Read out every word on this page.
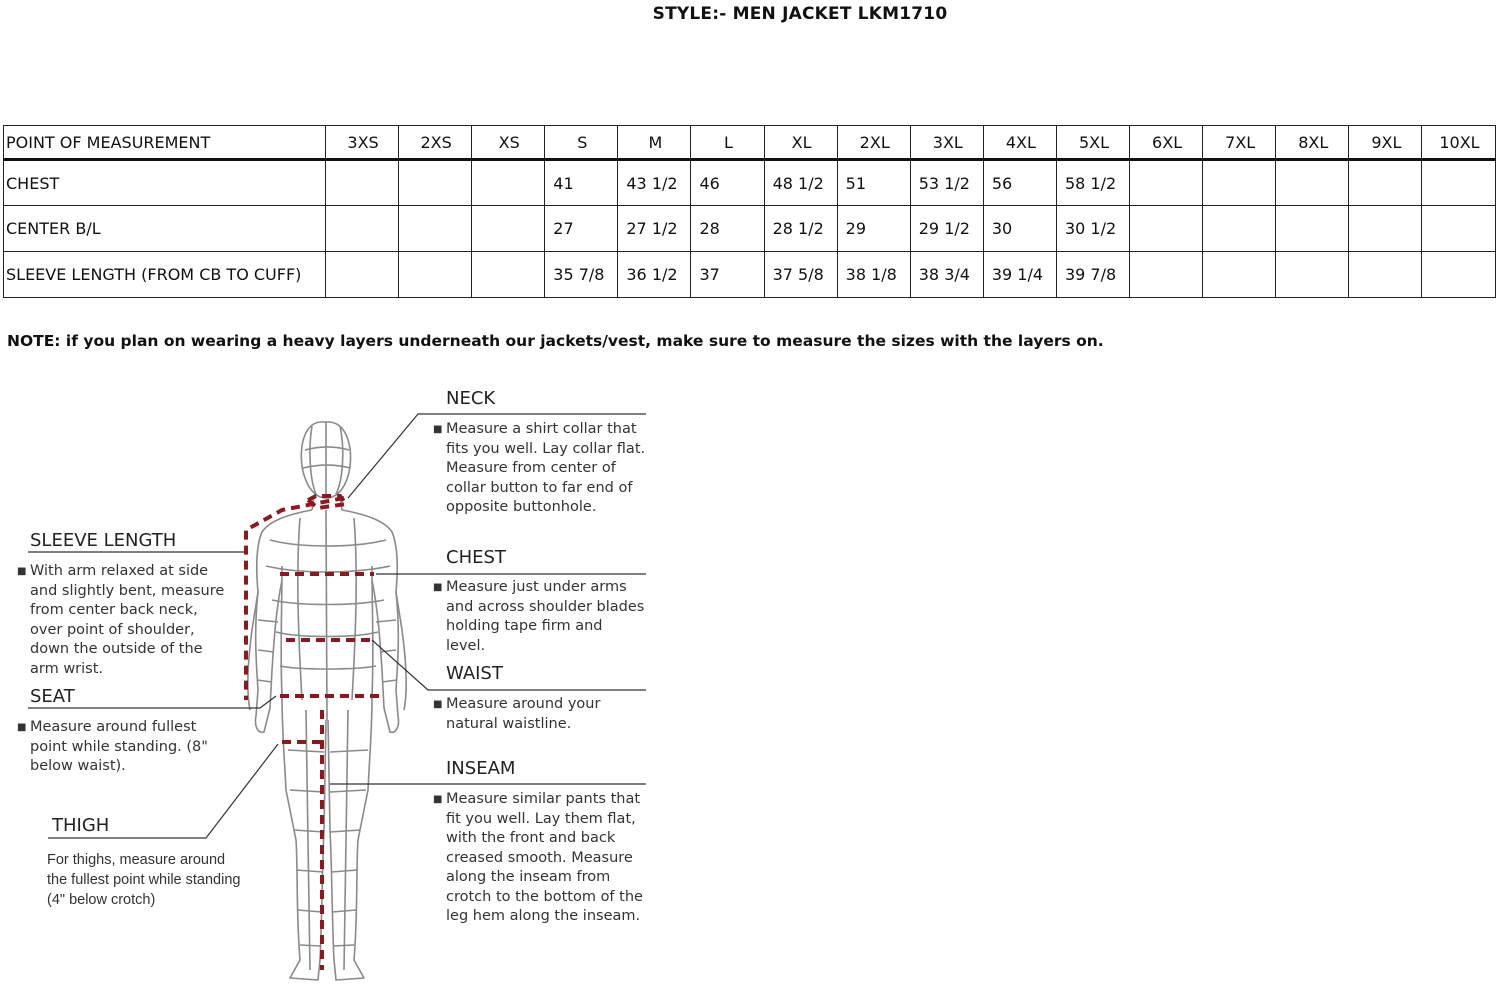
STYLE:- MEN JACKET LKM1710
POINT OF MEASUREMENT	3XS	2XS	XS	S	M	L	XL	2XL	3XL	4XL	5XL	6XL	7XL	8XL	9XL	10XL
CHEST				41	43 1/2	46	48 1/2	51	53 1/2	56	58 1/2					
CENTER B/L				27	27 1/2	28	28 1/2	29	29 1/2	30	30 1/2					
SLEEVE LENGTH (FROM CB TO CUFF)				35 7/8	36 1/2	37	37 5/8	38 1/8	38 3/4	39 1/4	39 7/8					
NOTE: if you plan on wearing a heavy layers underneath our jackets/vest, make sure to measure the sizes with the layers on.
NECK
■ Measure a shirt collar that fits you well. Lay collar flat. Measure from center of collar button to far end of opposite buttonhole.
CHEST
■ Measure just under arms and across shoulder blades holding tape firm and level.
WAIST
■ Measure around your natural waistline.
INSEAM
■ Measure similar pants that fit you well. Lay them flat, with the front and back creased smooth. Measure along the inseam from crotch to the bottom of the leg hem along the inseam.
SLEEVE LENGTH
■ With arm relaxed at side and slightly bent, measure from center back neck, over point of shoulder, down the outside of the arm wrist.
SEAT
■ Measure around fullest point while standing. (8" below waist).
THIGH
For thighs, measure around the fullest point while standing (4" below crotch)
